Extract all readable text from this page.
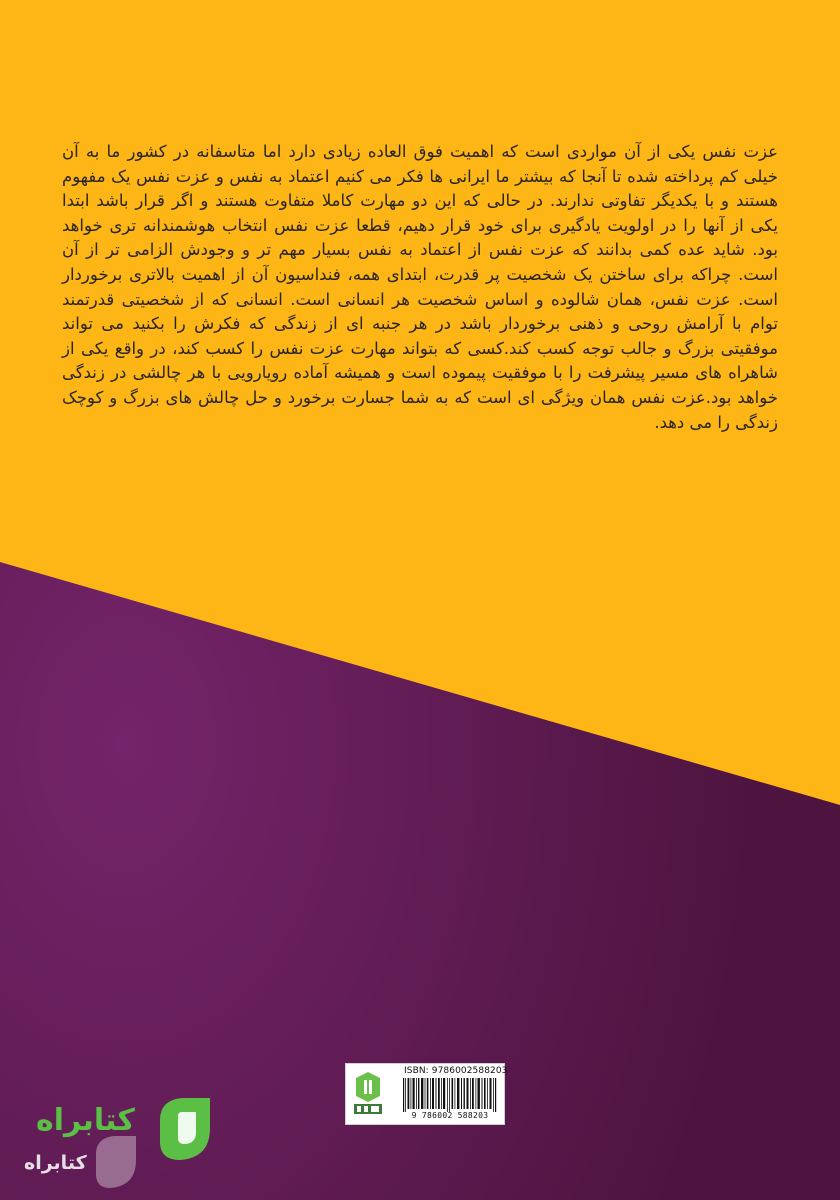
عزت نفس یکی از آن مواردی است که اهمیت فوق العاده زیادی دارد اما متاسفانه در کشور ما به آن خیلی کم پرداخته شده تا آنجا که بیشتر ما ایرانی ها فکر می کنیم اعتماد به نفس و عزت نفس یک مفهوم هستند و با یکدیگر تفاوتی ندارند. در حالی که این دو مهارت کاملا متفاوت هستند و اگر قرار باشد ابتدا یکی از آنها را در اولویت یادگیری برای خود قرار دهیم، قطعا عزت نفس انتخاب هوشمندانه تری خواهد بود. شاید عده کمی بدانند که عزت نفس از اعتماد به نفس بسیار مهم تر و وجودش الزامی تر از آن است. چراکه برای ساختن یک شخصیت پر قدرت، ابتدای همه، فنداسیون آن از اهمیت بالاتری برخوردار است. عزت نفس، همان شالوده و اساس شخصیت هر انسانی است. انسانی که از شخصیتی قدرتمند توام با آرامش روحی و ذهنی برخوردار باشد در هر جنبه ای از زندگی که فکرش را بکنید می تواند موفقیتی بزرگ و جالب توجه کسب کند.کسی که بتواند مهارت عزت نفس را کسب کند، در واقع یکی از شاهراه های مسیر پیشرفت را با موفقیت پیموده است و همیشه آماده رویارویی با هر چالشی در زندگی خواهد بود.عزت نفس همان ویژگی ای است که به شما جسارت برخورد و حل چالش های بزرگ و کوچک زندگی را می دهد.

ISBN: 9786002588203
9 786002 588203
کتابراه
کتابراه
